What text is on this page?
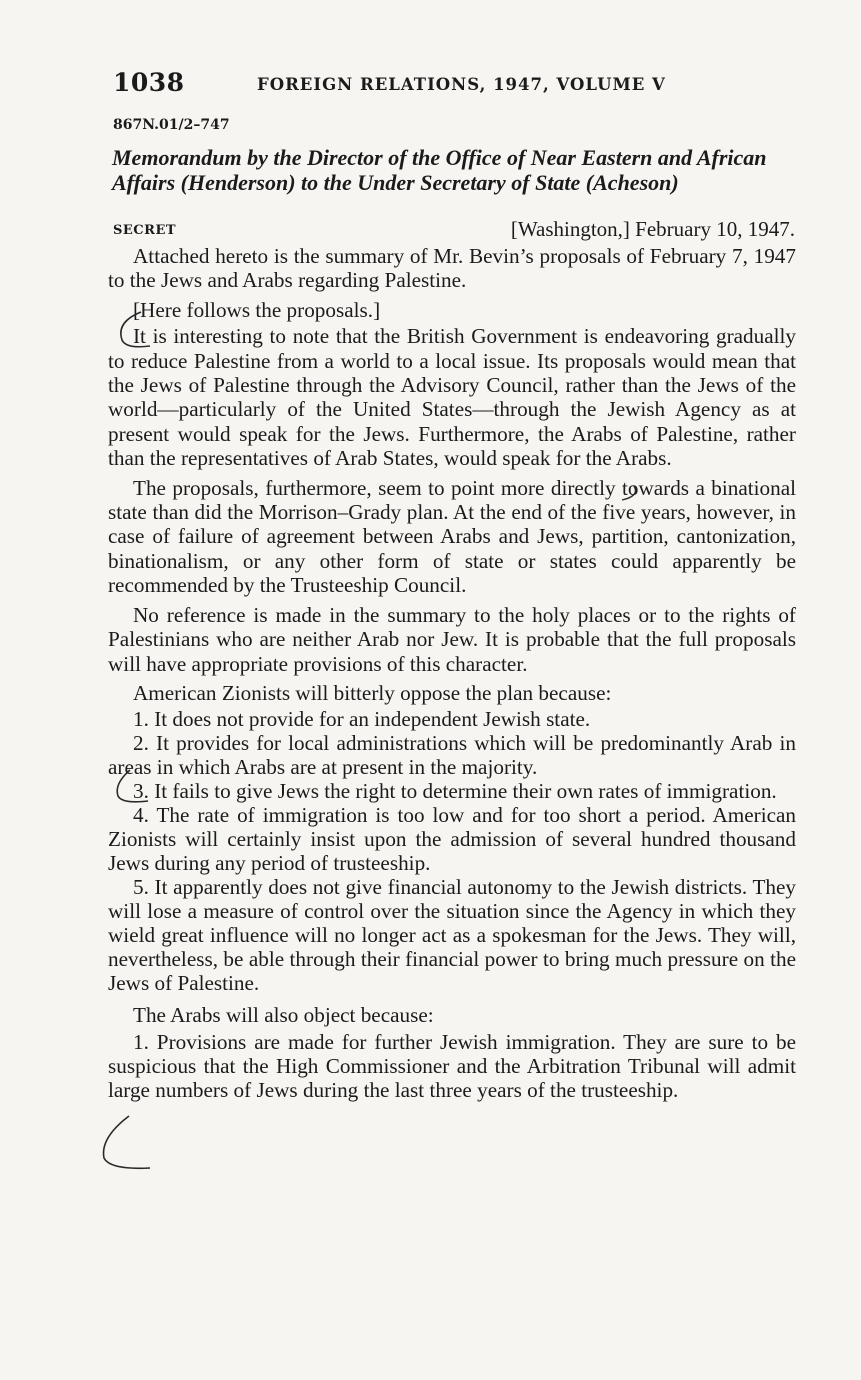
1038	FOREIGN RELATIONS, 1947, VOLUME V
867N.01/2–747
Memorandum by the Director of the Office of Near Eastern and African Affairs (Henderson) to the Under Secretary of State (Acheson)
SECRET	[Washington,] February 10, 1947.

Attached hereto is the summary of Mr. Bevin’s proposals of February 7, 1947 to the Jews and Arabs regarding Palestine.

[Here follows the proposals.]

It is interesting to note that the British Government is endeavoring gradually to reduce Palestine from a world to a local issue. Its proposals would mean that the Jews of Palestine through the Advisory Council, rather than the Jews of the world—particularly of the United States—through the Jewish Agency as at present would speak for the Jews. Furthermore, the Arabs of Palestine, rather than the representatives of Arab States, would speak for the Arabs.

The proposals, furthermore, seem to point more directly towards a binational state than did the Morrison–Grady plan. At the end of the five years, however, in case of failure of agreement between Arabs and Jews, partition, cantonization, binationalism, or any other form of state or states could apparently be recommended by the Trusteeship Council.

No reference is made in the summary to the holy places or to the rights of Palestinians who are neither Arab nor Jew. It is probable that the full proposals will have appropriate provisions of this character.

American Zionists will bitterly oppose the plan because:

1. It does not provide for an independent Jewish state.
2. It provides for local administrations which will be predominantly Arab in areas in which Arabs are at present in the majority.
3. It fails to give Jews the right to determine their own rates of immigration.
4. The rate of immigration is too low and for too short a period. American Zionists will certainly insist upon the admission of several hundred thousand Jews during any period of trusteeship.
5. It apparently does not give financial autonomy to the Jewish districts. They will lose a measure of control over the situation since the Agency in which they wield great influence will no longer act as a spokesman for the Jews. They will, nevertheless, be able through their financial power to bring much pressure on the Jews of Palestine.

The Arabs will also object because:

1. Provisions are made for further Jewish immigration. They are sure to be suspicious that the High Commissioner and the Arbitration Tribunal will admit large numbers of Jews during the last three years of the trusteeship.
